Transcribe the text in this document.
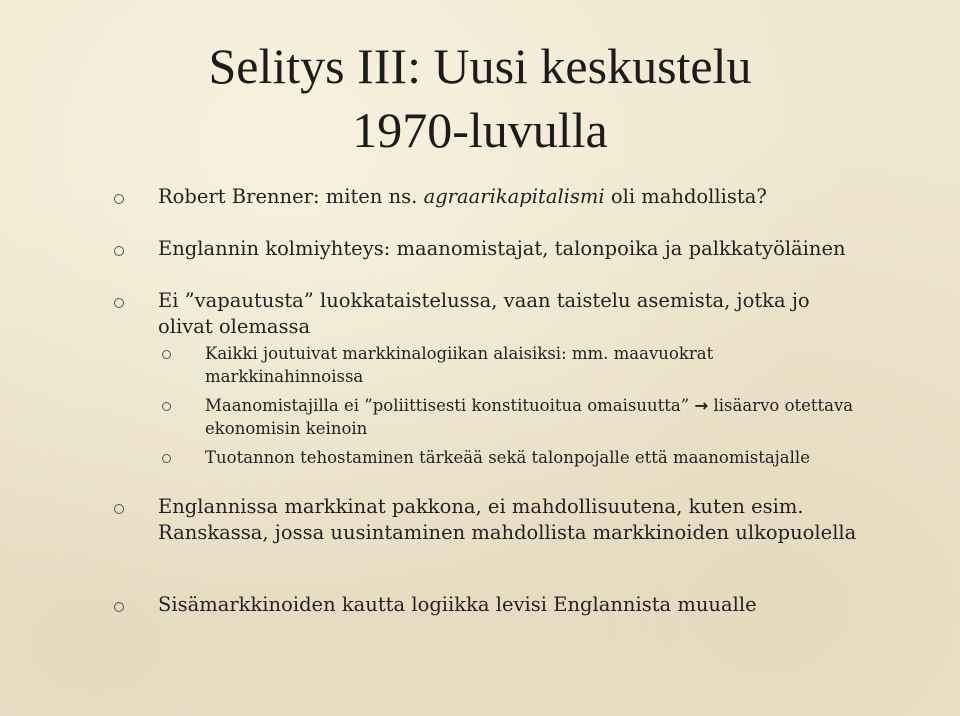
Selitys III: Uusi keskustelu
1970-luvulla
Robert Brenner: miten ns. agraarikapitalismi oli mahdollista?
Englannin kolmiyhteys: maanomistajat, talonpoika ja palkkatyöläinen
Ei ”vapautusta” luokkataistelussa, vaan taistelu asemista, jotka jo olivat olemassa
Kaikki joutuivat markkinalogiikan alaisiksi: mm. maavuokrat markkinahinnoissa
Maanomistajilla ei ”poliittisesti konstituoitua omaisuutta” → lisäarvo otettava ekonomisin keinoin
Tuotannon tehostaminen tärkeää sekä talonpojalle että maanomistajalle
Englannissa markkinat pakkona, ei mahdollisuutena, kuten esim. Ranskassa, jossa uusintaminen mahdollista markkinoiden ulkopuolella
Sisämarkkinoiden kautta logiikka levisi Englannista muualle
